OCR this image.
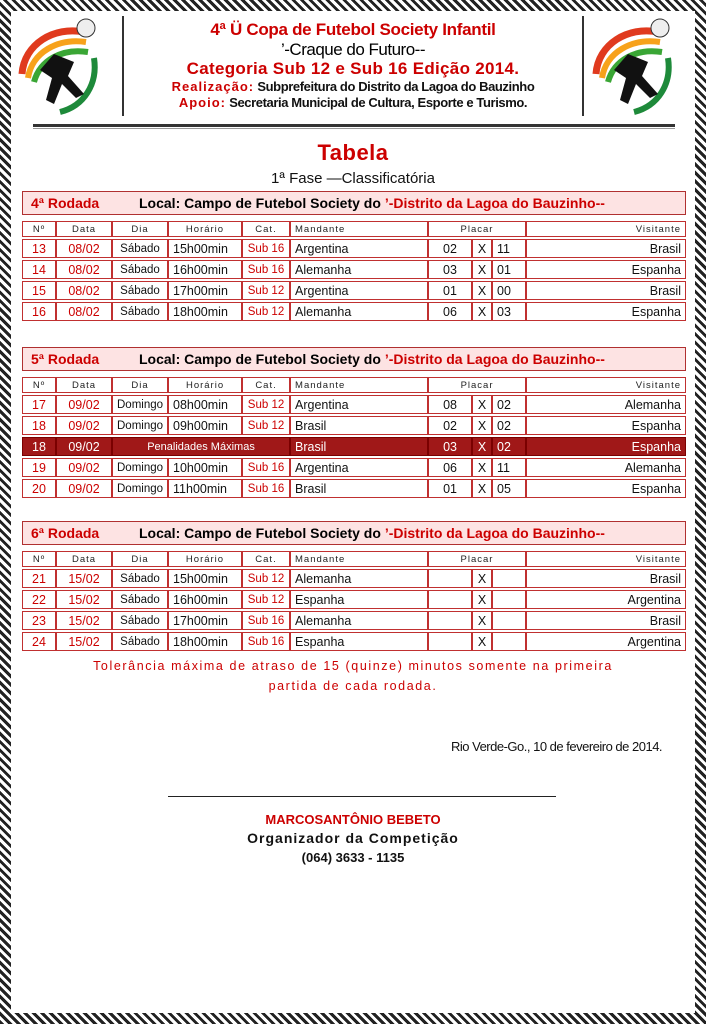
4ª Ü Copa de Futebol Society Infantil
’‑Craque do Futuro‑‑
Categoria Sub 12 e Sub 16 Edição 2014.
Realização: Subprefeitura do Distrito da Lagoa do Bauzinho
Apoio: Secretaria Municipal de Cultura, Esporte e Turismo.
Tabela
1ª Fase —Classificatória
4ª Rodada	Local: Campo de Futebol Society do ’‑Distrito da Lagoa do Bauzinho‑‑
Nº	Data	Dia	Horário	Cat.	Mandante	Placar			Visitante
13	08/02	Sábado	15h00min	Sub 16	Argentina	02	X	11	Brasil
14	08/02	Sábado	16h00min	Sub 16	Alemanha	03	X	01	Espanha
15	08/02	Sábado	17h00min	Sub 12	Argentina	01	X	00	Brasil
16	08/02	Sábado	18h00min	Sub 12	Alemanha	06	X	03	Espanha
5ª Rodada	Local: Campo de Futebol Society do ’‑Distrito da Lagoa do Bauzinho‑‑
Nº	Data	Dia	Horário	Cat.	Mandante	Placar			Visitante
17	09/02	Domingo	08h00min	Sub 12	Argentina	08	X	02	Alemanha
18	09/02	Domingo	09h00min	Sub 12	Brasil	02	X	02	Espanha
18	09/02	Penalidades Máximas			Brasil	03	X	02	Espanha
19	09/02	Domingo	10h00min	Sub 16	Argentina	06	X	11	Alemanha
20	09/02	Domingo	11h00min	Sub 16	Brasil	01	X	05	Espanha
6ª Rodada	Local: Campo de Futebol Society do ’‑Distrito da Lagoa do Bauzinho‑‑
Nº	Data	Dia	Horário	Cat.	Mandante	Placar			Visitante
21	15/02	Sábado	15h00min	Sub 12	Alemanha		X		Brasil
22	15/02	Sábado	16h00min	Sub 12	Espanha		X		Argentina
23	15/02	Sábado	17h00min	Sub 16	Alemanha		X		Brasil
24	15/02	Sábado	18h00min	Sub 16	Espanha		X		Argentina
Tolerância máxima de atraso de 15 (quinze) minutos somente na primeira
partida de cada rodada.
Rio Verde-Go., 10 de fevereiro de 2014.
MARCOSANTÔNIO BEBETO
Organizador da Competição
(064) 3633 - 1135
